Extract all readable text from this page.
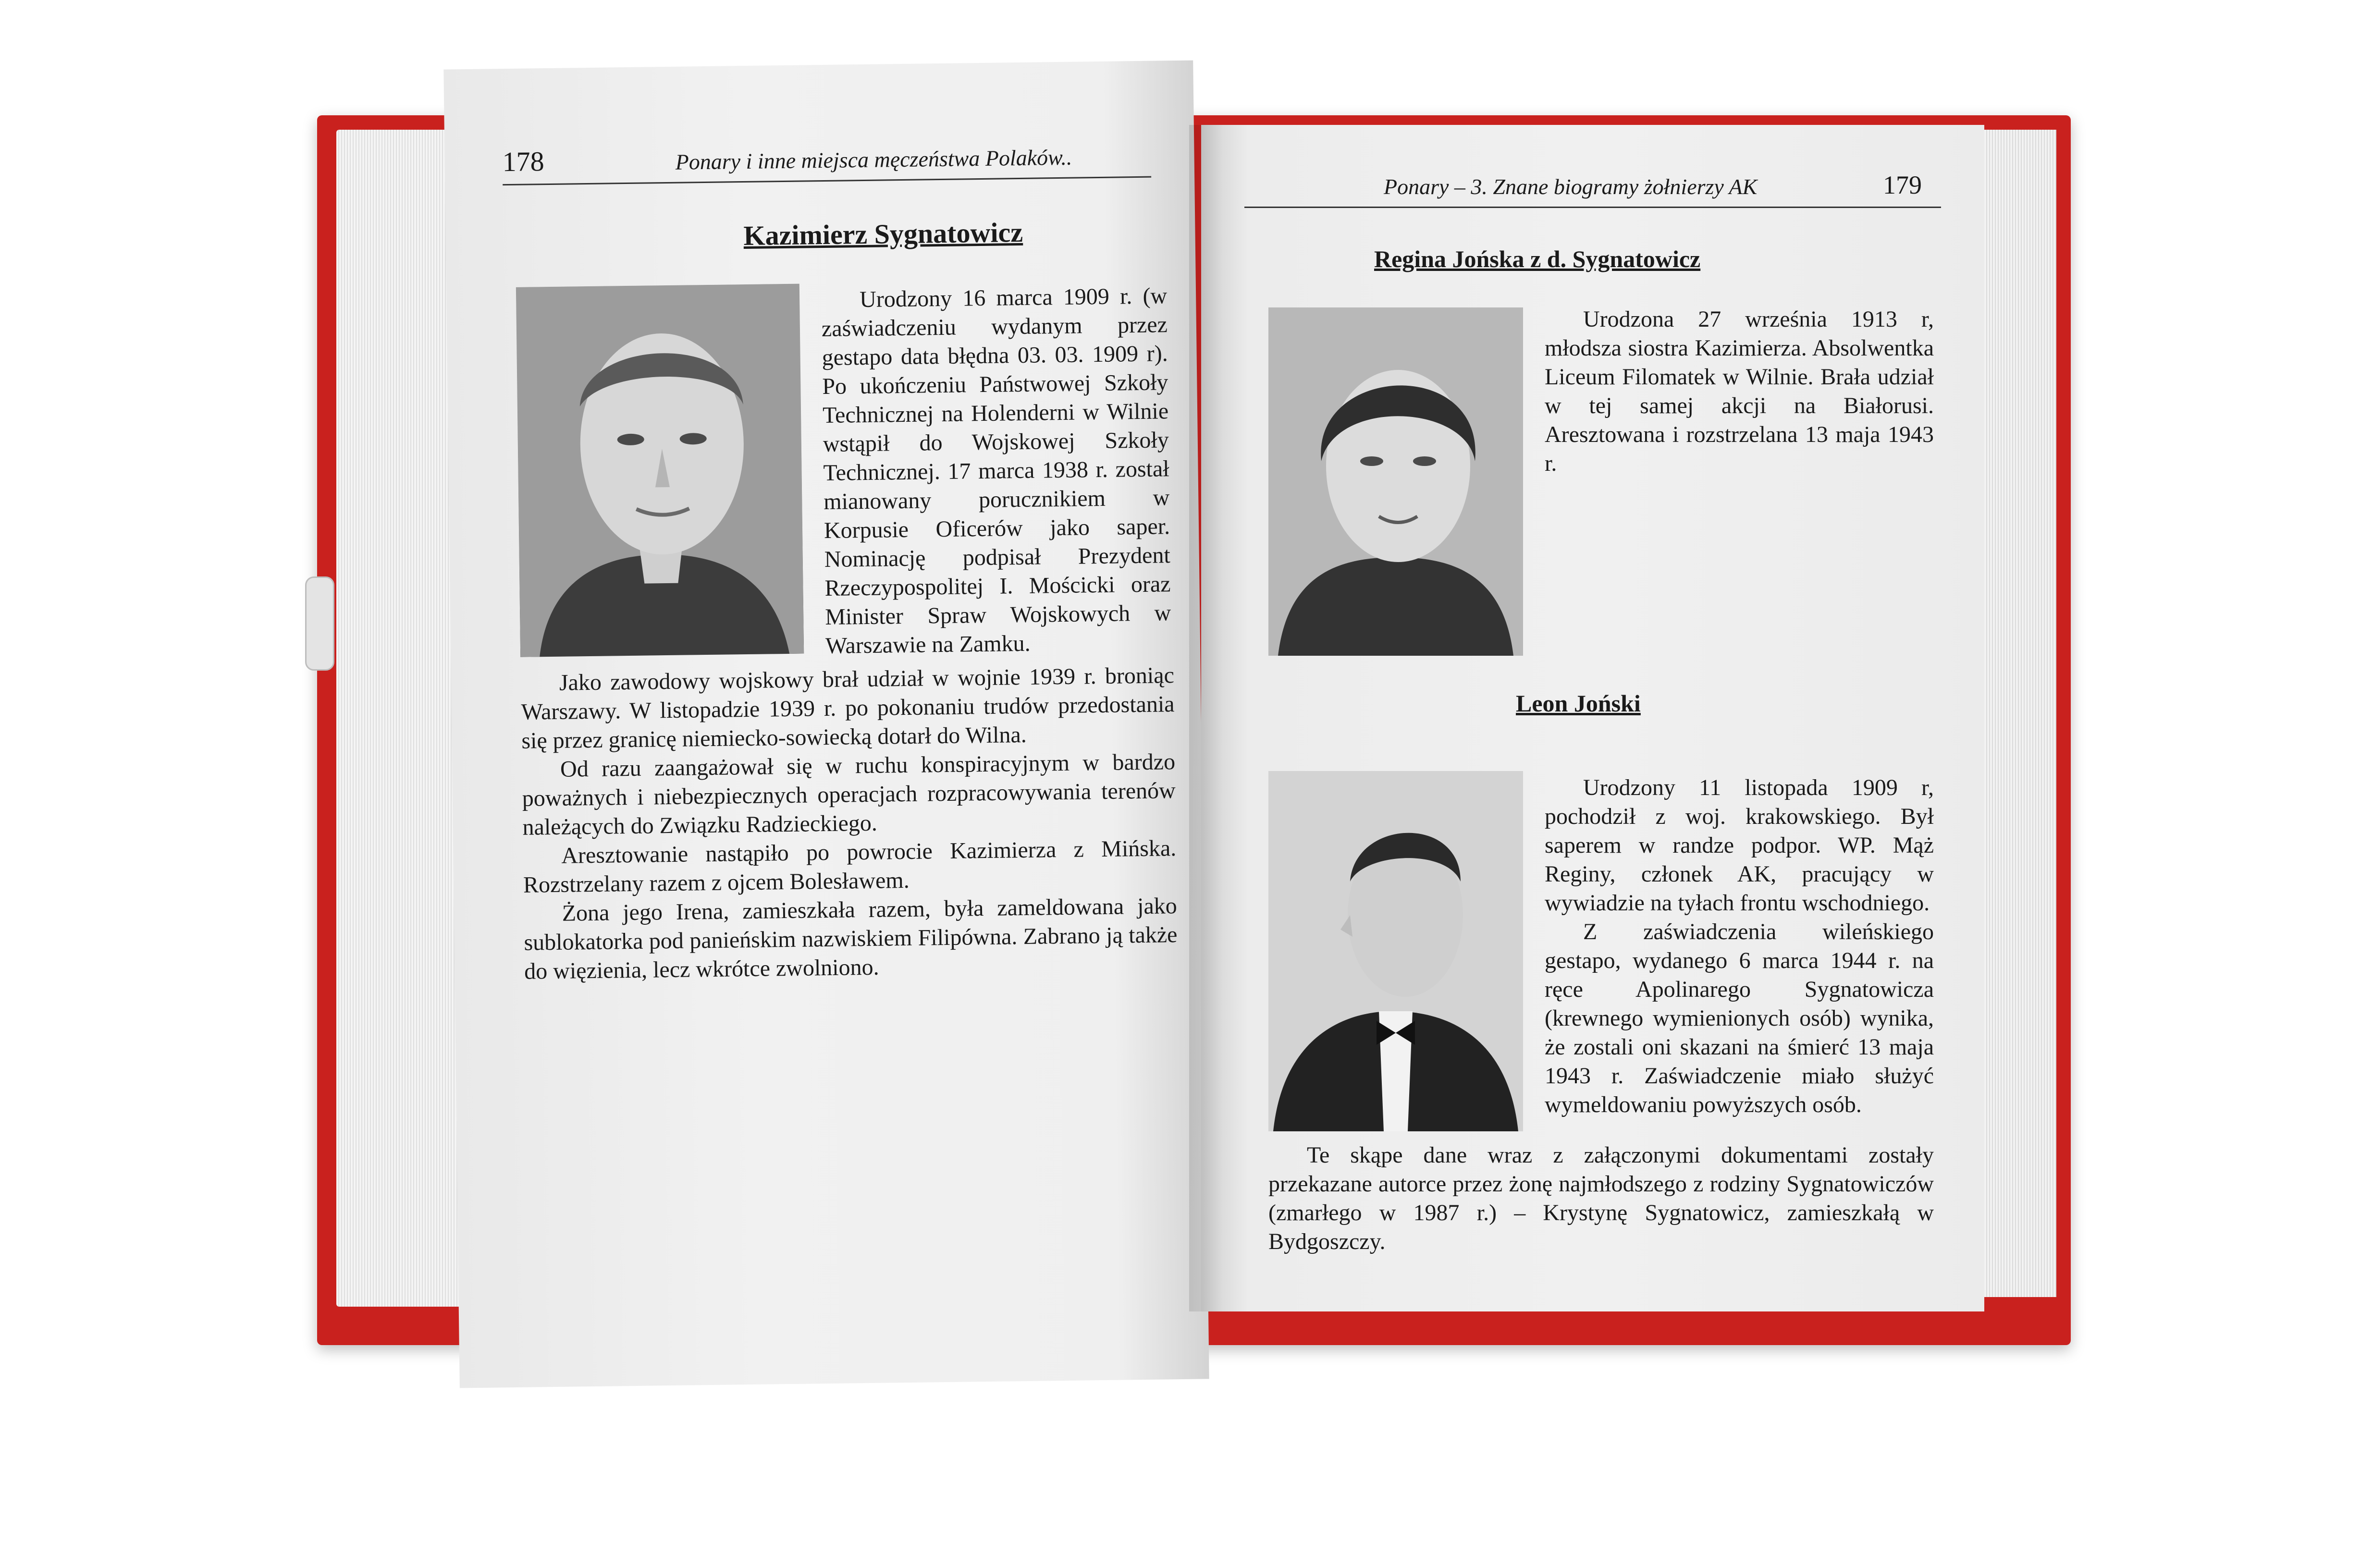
178	Ponary i inne miejsca męczeństwa Polaków..
Kazimierz Sygnatowicz
Urodzony 16 marca 1909 r. (w zaświadczeniu wydanym przez gestapo data błędna 03. 03. 1909 r). Po ukończeniu Państwowej Szkoły Technicznej na Holenderni w Wilnie wstąpił do Wojskowej Szkoły Technicznej. 17 marca 1938 r. został mianowany porucznikiem w Korpusie Oficerów jako saper. Nominację podpisał Prezydent Rzeczypospolitej I. Mościcki oraz Minister Spraw Wojskowych w Warszawie na Zamku.

Jako zawodowy wojskowy brał udział w wojnie 1939 r. broniąc Warszawy. W listopadzie 1939 r. po pokonaniu trudów przedostania się przez granicę niemiecko-sowiecką dotarł do Wilna.

Od razu zaangażował się w ruchu konspiracyjnym w bardzo poważnych i niebezpiecznych operacjach rozpracowywania terenów należących do Związku Radzieckiego.

Aresztowanie nastąpiło po powrocie Kazimierza z Mińska. Rozstrzelany razem z ojcem Bolesławem.

Żona jego Irena, zamieszkała razem, była zameldowana jako sublokatorka pod panieńskim nazwiskiem Filipówna. Zabrano ją także do więzienia, lecz wkrótce zwolniono.

Ponary – 3. Znane biogramy żołnierzy AK	179
Regina Jońska z d. Sygnatowicz
Urodzona 27 września 1913 r, młodsza siostra Kazimierza. Absolwentka Liceum Filomatek w Wilnie. Brała udział w tej samej akcji na Białorusi. Aresztowana i rozstrzelana 13 maja 1943 r.
Leon Joński

Urodzony 11 listopada 1909 r, pochodził z woj. krakowskiego. Był saperem w randze podpor. WP. Mąż Reginy, członek AK, pracujący w wywiadzie na tyłach frontu wschodniego.

Z zaświadczenia wileńskiego gestapo, wydanego 6 marca 1944 r. na ręce Apolinarego Sygnatowicza (krewnego wymienionych osób) wynika, że zostali oni skazani na śmierć 13 maja 1943 r. Zaświadczenie miało służyć wymeldowaniu powyższych osób.

Te skąpe dane wraz z załączonymi dokumentami zostały przekazane autorce przez żonę najmłodszego z rodziny Sygnatowiczów (zmarłego w 1987 r.) – Krystynę Sygnatowicz, zamieszkałą w Bydgoszczy.
